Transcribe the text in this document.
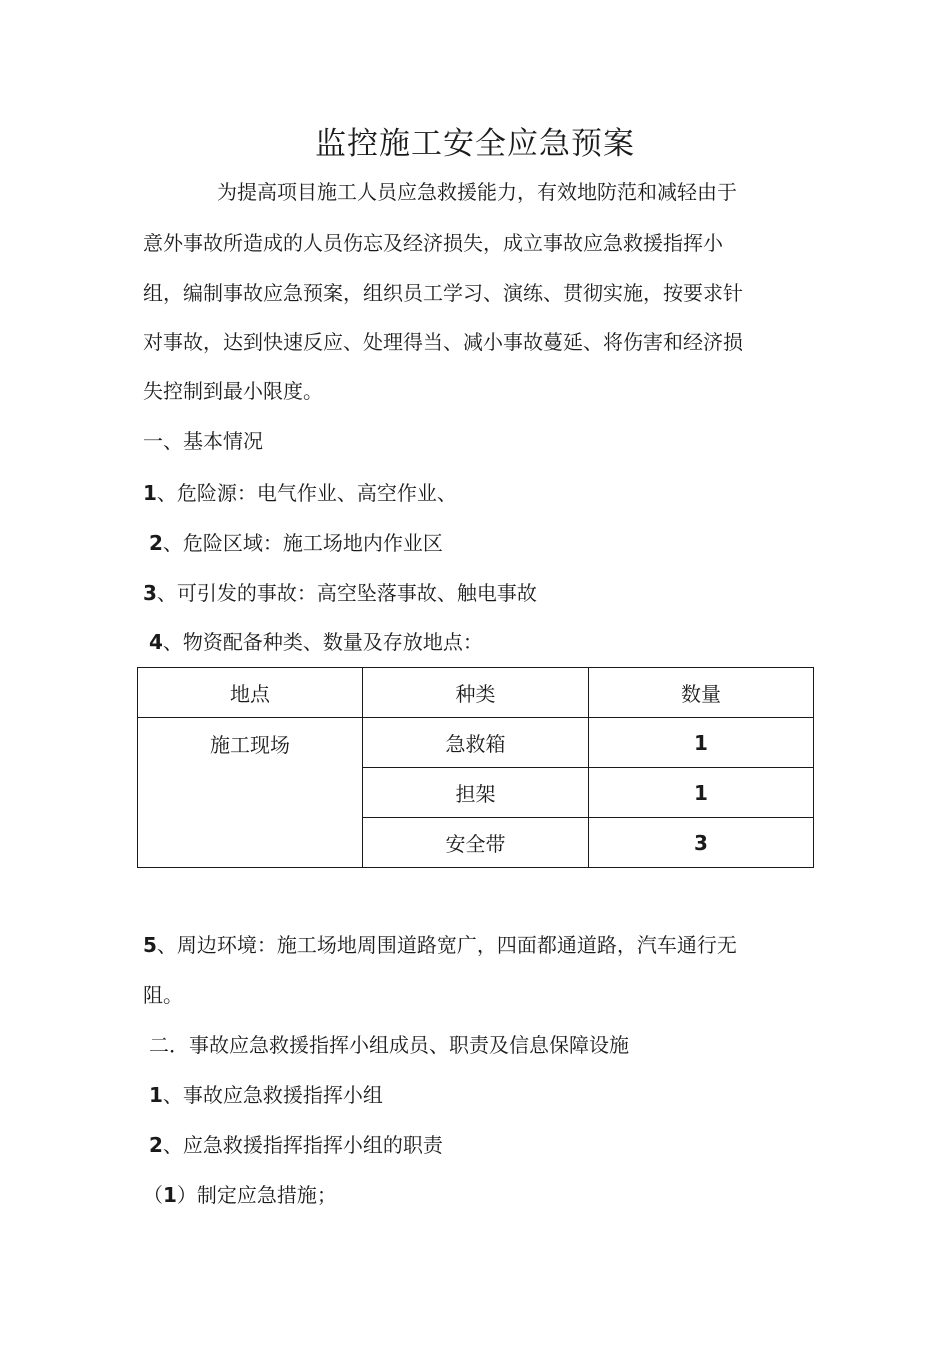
监控施工安全应急预案
为提高项目施工人员应急救援能力，有效地防范和减轻由于
意外事故所造成的人员伤忘及经济损失，成立事故应急救援指挥小
组，编制事故应急预案，组织员工学习、演练、贯彻实施，按要求针
对事故，达到快速反应、处理得当、减小事故蔓延、将伤害和经济损
失控制到最小限度。
一、基本情况
1、危险源：电气作业、高空作业、
2、危险区域：施工场地内作业区
3、可引发的事故：高空坠落事故、触电事故
4、物资配备种类、数量及存放地点：
地点	种类	数量
施工现场	急救箱	1
	担架	1
	安全带	3
5、周边环境：施工场地周围道路宽广，四面都通道路，汽车通行无
阻。
二．事故应急救援指挥小组成员、职责及信息保障设施
1、事故应急救援指挥小组
2、应急救援指挥指挥小组的职责
（1）制定应急措施；
